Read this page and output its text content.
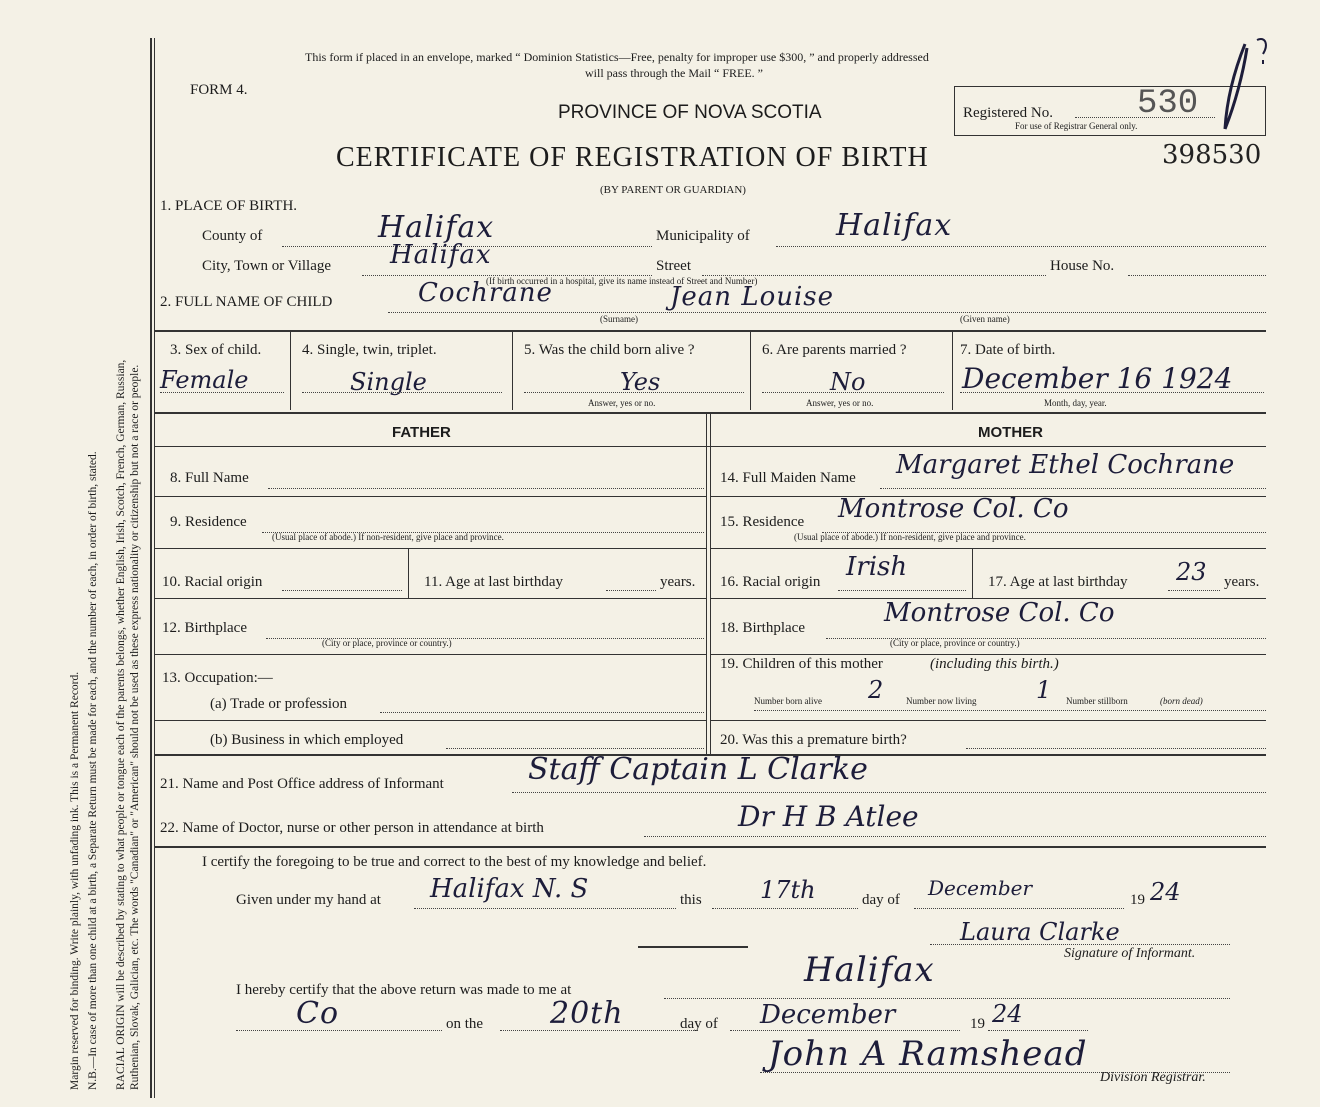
Margin reserved for binding. Write plainly, with unfading ink. This is a Permanent Record. N.B.—In case of more than one child at a birth, a Separate Return must be made for each, and the number of each, in order of birth, stated. RACIAL ORIGIN will be described by stating to what people or tongue each of the parents belongs, whether English, Irish, Scotch, French, German, Russian, Ruthenian, Slovak, Galician, etc. The words "Canadian" or "American" should not be used as these express nationality or citizenship but not a race or people.
This form if placed in an envelope, marked “ Dominion Statistics—Free, penalty for improper use $300, ” and properly addressed
will pass through the Mail “ FREE. ”
FORM 4.
PROVINCE OF NOVA SCOTIA
CERTIFICATE OF REGISTRATION OF BIRTH
(BY PARENT OR GUARDIAN)
Registered No. 530
For use of Registrar General only.
398530
1. PLACE OF BIRTH.
County of	Halifax	Municipality of	Halifax
City, Town or Village Halifax	Street	House No.
(If birth occurred in a hospital, give its name instead of Street and Number)
2. FULL NAME OF CHILD	Cochrane	Jean Louise
(Surname)	(Given name)
3. Sex of child.
Female
4. Single, twin, triplet.
Single
5. Was the child born alive ?
Yes
Answer, yes or no.
6. Are parents married ?
No
Answer, yes or no.
7. Date of birth.
December 16 1924
Month, day, year.
FATHER	MOTHER
8. Full Name
9. Residence
(Usual place of abode.) If non-resident, give place and province.
10. Racial origin	11. Age at last birthday	years.
12. Birthplace
(City or place, province or country.)
13. Occupation:—
(a) Trade or profession
(b) Business in which employed
14. Full Maiden Name Margaret Ethel Cochrane
15. Residence Montrose Col. Co
(Usual place of abode.) If non-resident, give place and province.
16. Racial origin Irish	17. Age at last birthday 23 years.
18. Birthplace	Montrose Col. Co
(City or place, province or country.)
19. Children of this mother	(including this birth.)
Number born alive 2	Number now living 1 Number stillborn	(born dead)
20. Was this a premature birth?
21. Name and Post Office address of Informant	Staff Captain L Clarke
22. Name of Doctor, nurse or other person in attendance at birth	Dr H B Atlee
I certify the foregoing to be true and correct to the best of my knowledge and belief.
Given under my hand at Halifax N. S	this 17th	day of December	19 24
Laura Clarke
Signature of Informant.
I hereby certify that the above return was made to me at	Halifax
Co	on the 20th	day of December	19 24
John A Ramshead
Division Registrar.
